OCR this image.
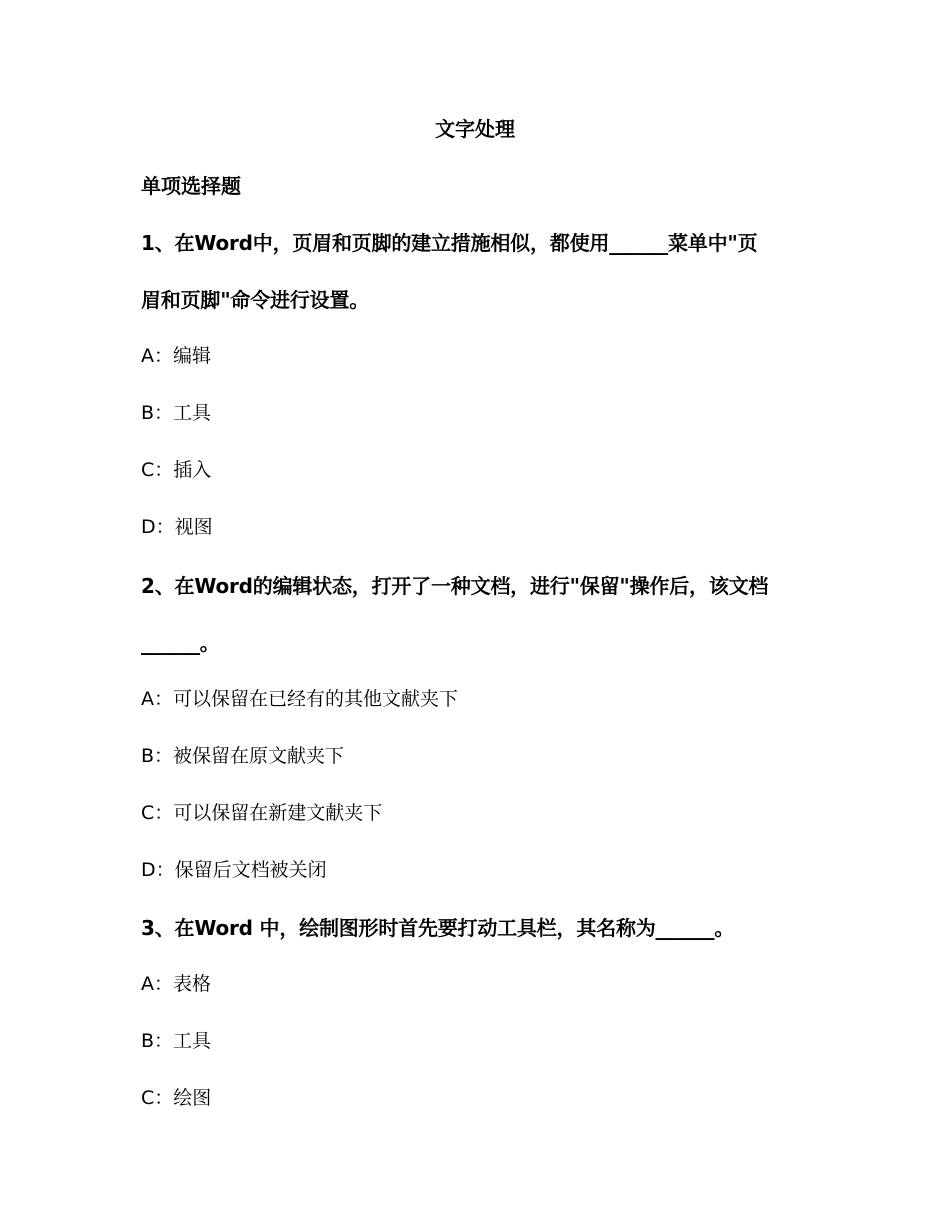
文字处理
单项选择题
1、在Word中，页眉和页脚的建立措施相似，都使用______菜单中"页
眉和页脚"命令进行设置。
A：编辑
B：工具
C：插入
D：视图
2、在Word的编辑状态，打开了一种文档，进行"保留"操作后，该文档
______。
A：可以保留在已经有的其他文献夹下
B：被保留在原文献夹下
C：可以保留在新建文献夹下
D：保留后文档被关闭
3、在Word 中，绘制图形时首先要打动工具栏，其名称为______。
A：表格
B：工具
C：绘图
